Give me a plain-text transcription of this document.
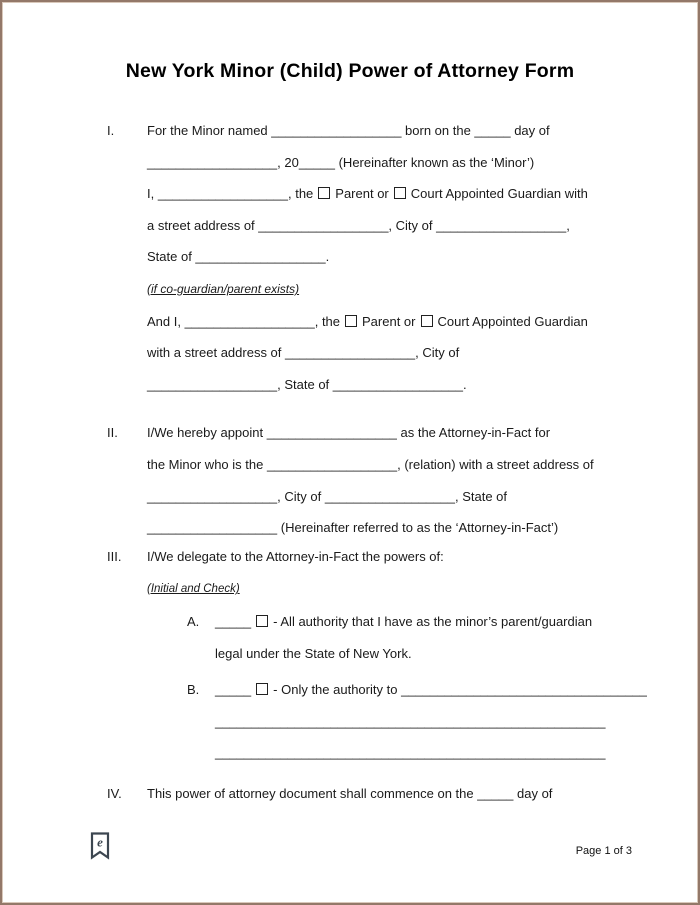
New York Minor (Child) Power of Attorney Form
I.	For the Minor named __________________ born on the _____ day of
__________________, 20_____ (Hereinafter known as the ‘Minor’)
I, __________________, the Parent or Court Appointed Guardian with
a street address of __________________, City of __________________,
State of __________________.
(if co-guardian/parent exists)
And I, __________________, the Parent or Court Appointed Guardian
with a street address of __________________, City of
__________________, State of __________________.
II. I/We hereby appoint __________________ as the Attorney-in-Fact for
the Minor who is the __________________, (relation) with a street address of
__________________, City of __________________, State of
__________________ (Hereinafter referred to as the ‘Attorney-in-Fact’)
III. I/We delegate to the Attorney-in-Fact the powers of:
(Initial and Check)
A. _____ - All authority that I have as the minor’s parent/guardian
legal under the State of New York.
B. _____ - Only the authority to __________________________________
______________________________________________________
______________________________________________________
IV. This power of attorney document shall commence on the _____ day of
e
Page 1 of 3
